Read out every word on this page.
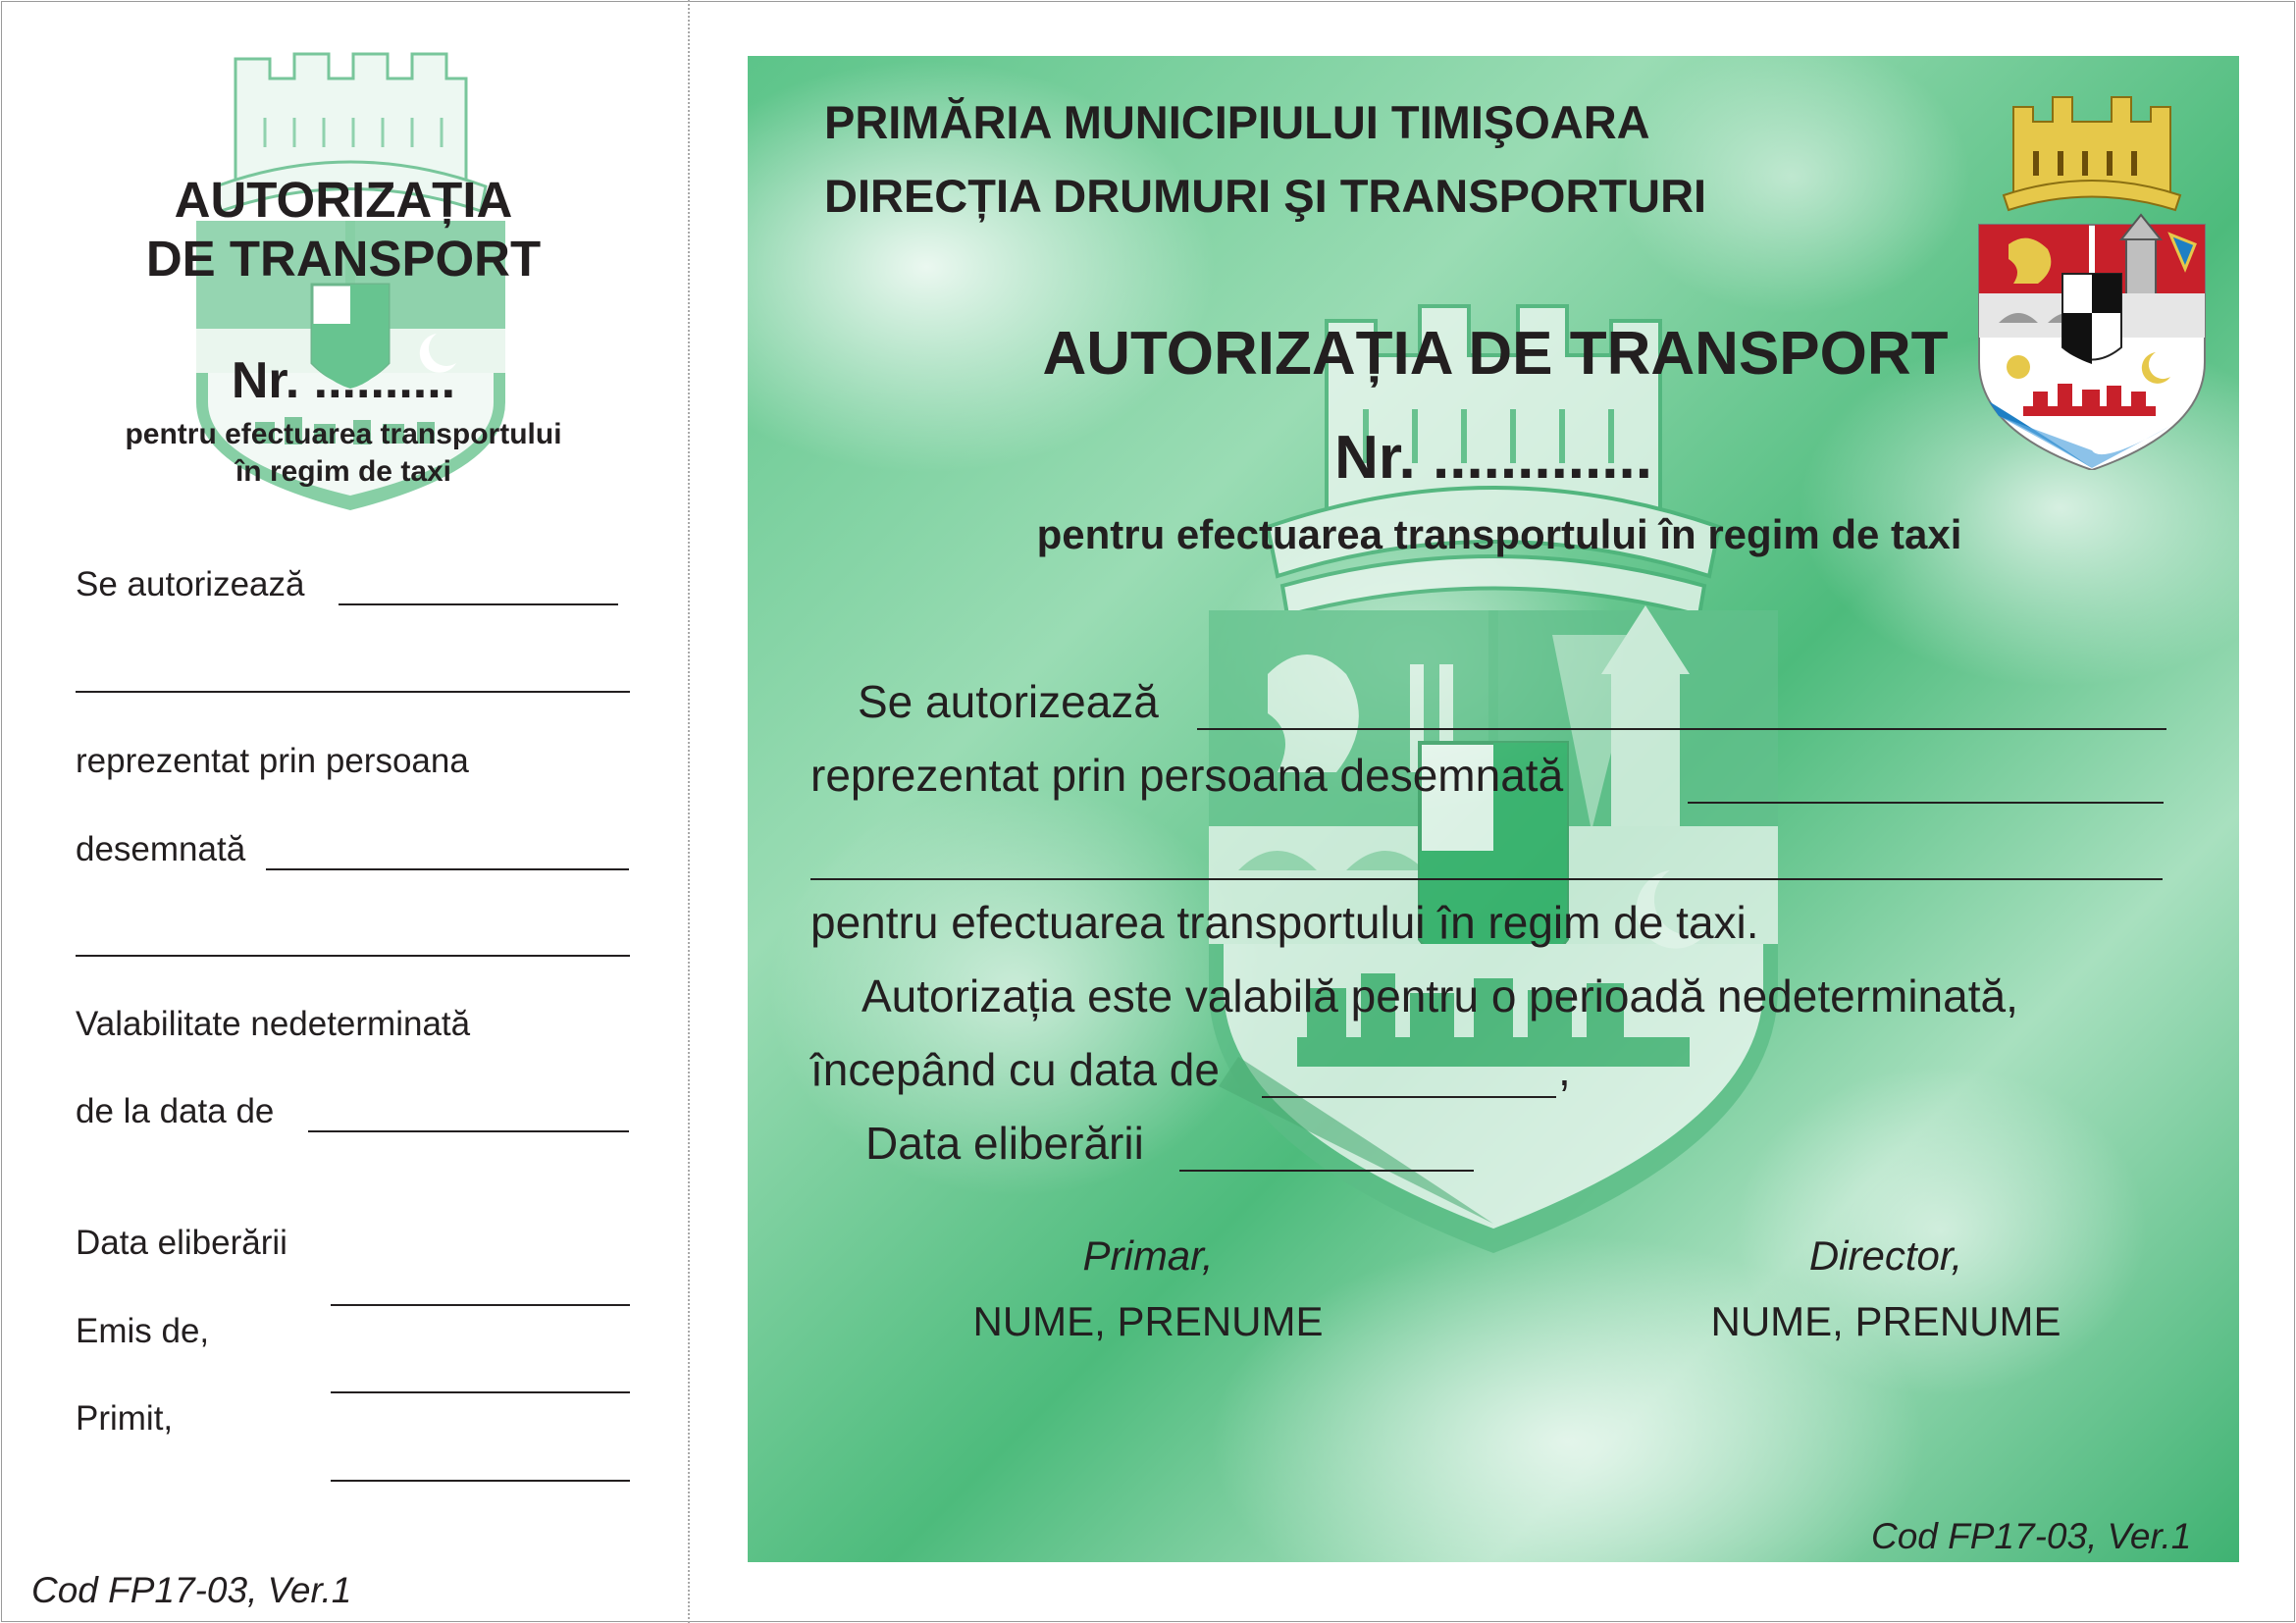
AUTORIZAȚIA
DE TRANSPORT
Nr. ..........
pentru efectuarea transportului
în regim de taxi
Se autorizează
reprezentat prin persoana
desemnată
Valabilitate nedeterminată
de la data de
Data eliberării
Emis de,
Primit,
Cod FP17-03, Ver.1
PRIMĂRIA MUNICIPIULUI TIMIŞOARA
DIRECȚIA DRUMURI ŞI TRANSPORTURI
AUTORIZAȚIA DE TRANSPORT
Nr. .............
pentru efectuarea transportului în regim de taxi
Se autorizează
reprezentat prin persoana desemnată
pentru efectuarea transportului în regim de taxi.
Autorizația este valabilă pentru o perioadă nedeterminată,
începând cu data de	,
Data eliberării
Primar,
NUME, PRENUME
Director,
NUME, PRENUME
Cod FP17-03, Ver.1
